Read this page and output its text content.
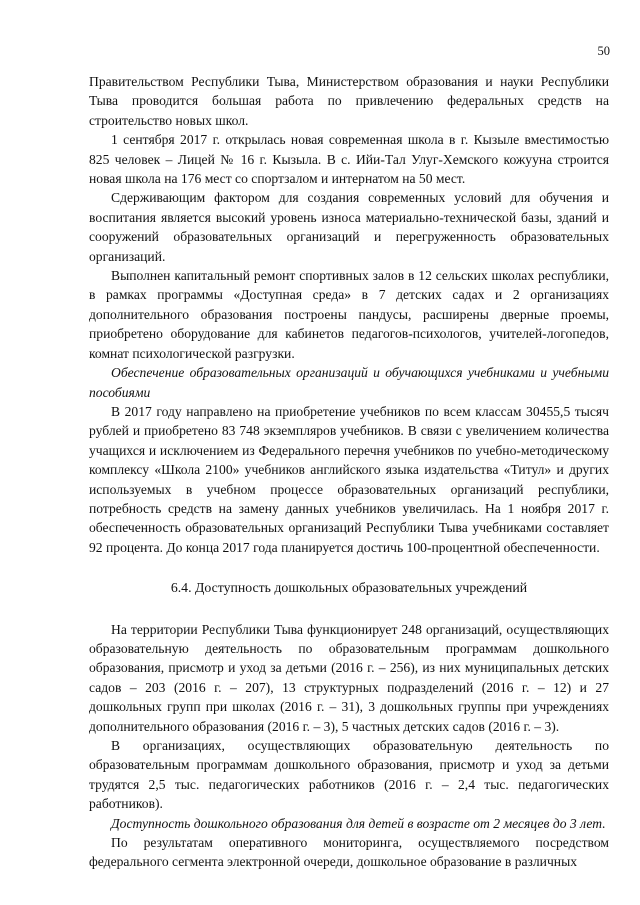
50

Правительством Республики Тыва, Министерством образования и науки Республики Тыва проводится большая работа по привлечению федеральных средств на строительство новых школ.

1 сентября 2017 г. открылась новая современная школа в г. Кызыле вместимостью 825 человек – Лицей № 16 г. Кызыла. В с. Ийи-Тал Улуг-Хемского кожууна строится новая школа на 176 мест со спортзалом и интернатом на 50 мест.

Сдерживающим фактором для создания современных условий для обучения и воспитания является высокий уровень износа материально-технической базы, зданий и сооружений образовательных организаций и перегруженность образовательных организаций.

Выполнен капитальный ремонт спортивных залов в 12 сельских школах республики, в рамках программы «Доступная среда» в 7 детских садах и 2 организациях дополнительного образования построены пандусы, расширены дверные проемы, приобретено оборудование для кабинетов педагогов-психологов, учителей-логопедов, комнат психологической разгрузки.

Обеспечение образовательных организаций и обучающихся учебниками и учебными пособиями

В 2017 году направлено на приобретение учебников по всем классам 30455,5 тысяч рублей и приобретено 83 748 экземпляров учебников. В связи с увеличением количества учащихся и исключением из Федерального перечня учебников по учебно-методическому комплексу «Школа 2100» учебников английского языка издательства «Титул» и других используемых в учебном процессе образовательных организаций республики, потребность средств на замену данных учебников увеличилась. На 1 ноября 2017 г. обеспеченность образовательных организаций Республики Тыва учебниками составляет 92 процента. До конца 2017 года планируется достичь 100-процентной обеспеченности.

6.4. Доступность дошкольных образовательных учреждений

На территории Республики Тыва функционирует 248 организаций, осуществляющих образовательную деятельность по образовательным программам дошкольного образования, присмотр и уход за детьми (2016 г. – 256), из них муниципальных детских садов – 203 (2016 г. – 207), 13 структурных подразделений (2016 г. – 12) и 27 дошкольных групп при школах (2016 г. – 31), 3 дошкольных группы при учреждениях дополнительного образования (2016 г. – 3), 5 частных детских садов (2016 г. – 3).

В организациях, осуществляющих образовательную деятельность по образовательным программам дошкольного образования, присмотр и уход за детьми трудятся 2,5 тыс. педагогических работников (2016 г. – 2,4 тыс. педагогических работников).

Доступность дошкольного образования для детей в возрасте от 2 месяцев до 3 лет.

По результатам оперативного мониторинга, осуществляемого посредством федерального сегмента электронной очереди, дошкольное образование в различных
